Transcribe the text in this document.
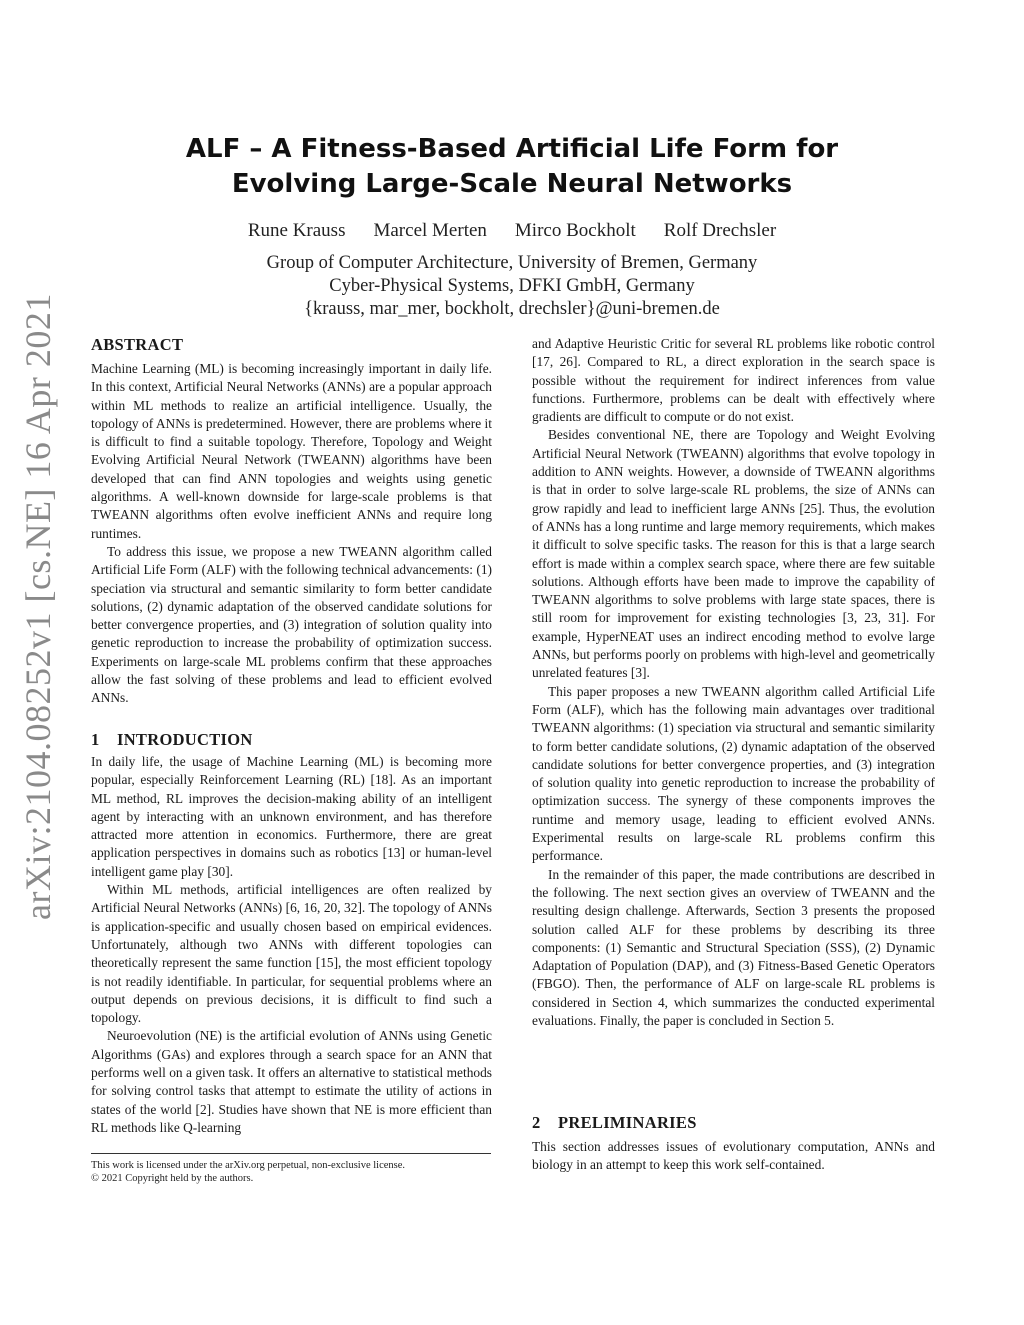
arXiv:2104.08252v1 [cs.NE] 16 Apr 2021
ALF – A Fitness-Based Artificial Life Form for Evolving Large-Scale Neural Networks
Rune Krauss Marcel Merten Mirco Bockholt Rolf Drechsler
Group of Computer Architecture, University of Bremen, Germany
Cyber-Physical Systems, DFKI GmbH, Germany
{krauss, mar_mer, bockholt, drechsler}@uni-bremen.de
ABSTRACT

Machine Learning (ML) is becoming increasingly important in daily life. In this context, Artificial Neural Networks (ANNs) are a popular approach within ML methods to realize an artificial intelligence. Usually, the topology of ANNs is predetermined. However, there are problems where it is difficult to find a suitable topology. Therefore, Topology and Weight Evolving Artificial Neural Network (TWEANN) algorithms have been developed that can find ANN topologies and weights using genetic algorithms. A well-known downside for large-scale problems is that TWEANN algorithms often evolve inefficient ANNs and require long runtimes.

To address this issue, we propose a new TWEANN algorithm called Artificial Life Form (ALF) with the following technical advancements: (1) speciation via structural and semantic similarity to form better candidate solutions, (2) dynamic adaptation of the observed candidate solutions for better convergence properties, and (3) integration of solution quality into genetic reproduction to increase the probability of optimization success. Experiments on large-scale ML problems confirm that these approaches allow the fast solving of these problems and lead to efficient evolved ANNs.

1 INTRODUCTION

In daily life, the usage of Machine Learning (ML) is becoming more popular, especially Reinforcement Learning (RL) [18]. As an important ML method, RL improves the decision-making ability of an intelligent agent by interacting with an unknown environment, and has therefore attracted more attention in economics. Furthermore, there are great application perspectives in domains such as robotics [13] or human-level intelligent game play [30].

Within ML methods, artificial intelligences are often realized by Artificial Neural Networks (ANNs) [6, 16, 20, 32]. The topology of ANNs is application-specific and usually chosen based on empirical evidences. Unfortunately, although two ANNs with different topologies can theoretically represent the same function [15], the most efficient topology is not readily identifiable. In particular, for sequential problems where an output depends on previous decisions, it is difficult to find such a topology.

Neuroevolution (NE) is the artificial evolution of ANNs using Genetic Algorithms (GAs) and explores through a search space for an ANN that performs well on a given task. It offers an alternative to statistical methods for solving control tasks that attempt to estimate the utility of actions in states of the world [2]. Studies have shown that NE is more efficient than RL methods like Q-learning

This work is licensed under the arXiv.org perpetual, non-exclusive license.
© 2021 Copyright held by the authors.

and Adaptive Heuristic Critic for several RL problems like robotic control [17, 26]. Compared to RL, a direct exploration in the search space is possible without the requirement for indirect inferences from value functions. Furthermore, problems can be dealt with effectively where gradients are difficult to compute or do not exist.

Besides conventional NE, there are Topology and Weight Evolving Artificial Neural Network (TWEANN) algorithms that evolve topology in addition to ANN weights. However, a downside of TWEANN algorithms is that in order to solve large-scale RL problems, the size of ANNs can grow rapidly and lead to inefficient large ANNs [25]. Thus, the evolution of ANNs has a long runtime and large memory requirements, which makes it difficult to solve specific tasks. The reason for this is that a large search effort is made within a complex search space, where there are few suitable solutions. Although efforts have been made to improve the capability of TWEANN algorithms to solve problems with large state spaces, there is still room for improvement for existing technologies [3, 23, 31]. For example, HyperNEAT uses an indirect encoding method to evolve large ANNs, but performs poorly on problems with high-level and geometrically unrelated features [3].

This paper proposes a new TWEANN algorithm called Artificial Life Form (ALF), which has the following main advantages over traditional TWEANN algorithms: (1) speciation via structural and semantic similarity to form better candidate solutions, (2) dynamic adaptation of the observed candidate solutions for better convergence properties, and (3) integration of solution quality into genetic reproduction to increase the probability of optimization success. The synergy of these components improves the runtime and memory usage, leading to efficient evolved ANNs. Experimental results on large-scale RL problems confirm this performance.

In the remainder of this paper, the made contributions are described in the following. The next section gives an overview of TWEANN and the resulting design challenge. Afterwards, Section 3 presents the proposed solution called ALF for these problems by describing its three components: (1) Semantic and Structural Speciation (SSS), (2) Dynamic Adaptation of Population (DAP), and (3) Fitness-Based Genetic Operators (FBGO). Then, the performance of ALF on large-scale RL problems is considered in Section 4, which summarizes the conducted experimental evaluations. Finally, the paper is concluded in Section 5.

2 PRELIMINARIES

This section addresses issues of evolutionary computation, ANNs and biology in an attempt to keep this work self-contained.
